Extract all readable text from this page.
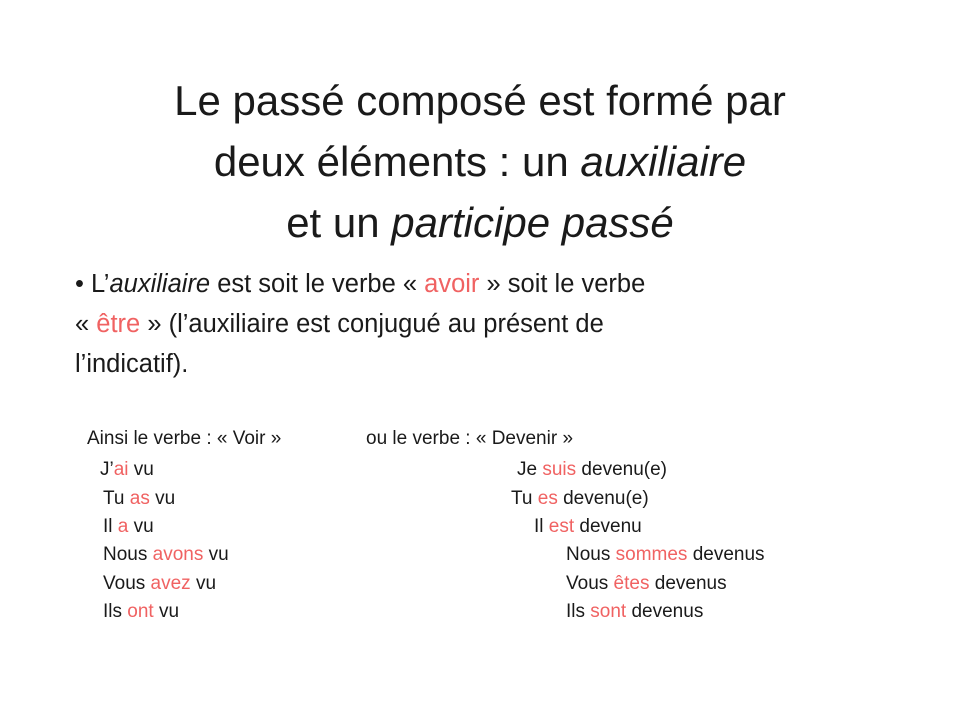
Le passé composé est formé par
deux éléments : un auxiliaire
et un participe passé
• L’auxiliaire est soit le verbe « avoir » soit le verbe
« être » (l’auxiliaire est conjugué au présent de
l’indicatif).
Ainsi le verbe : « Voir »	ou le verbe : « Devenir »
J’ai vu
Tu as vu
Il a vu
Nous avons vu
Vous avez vu
Ils ont vu
Je suis devenu(e)
Tu es devenu(e)
Il est devenu
Nous sommes devenus
Vous êtes devenus
Ils sont devenus
